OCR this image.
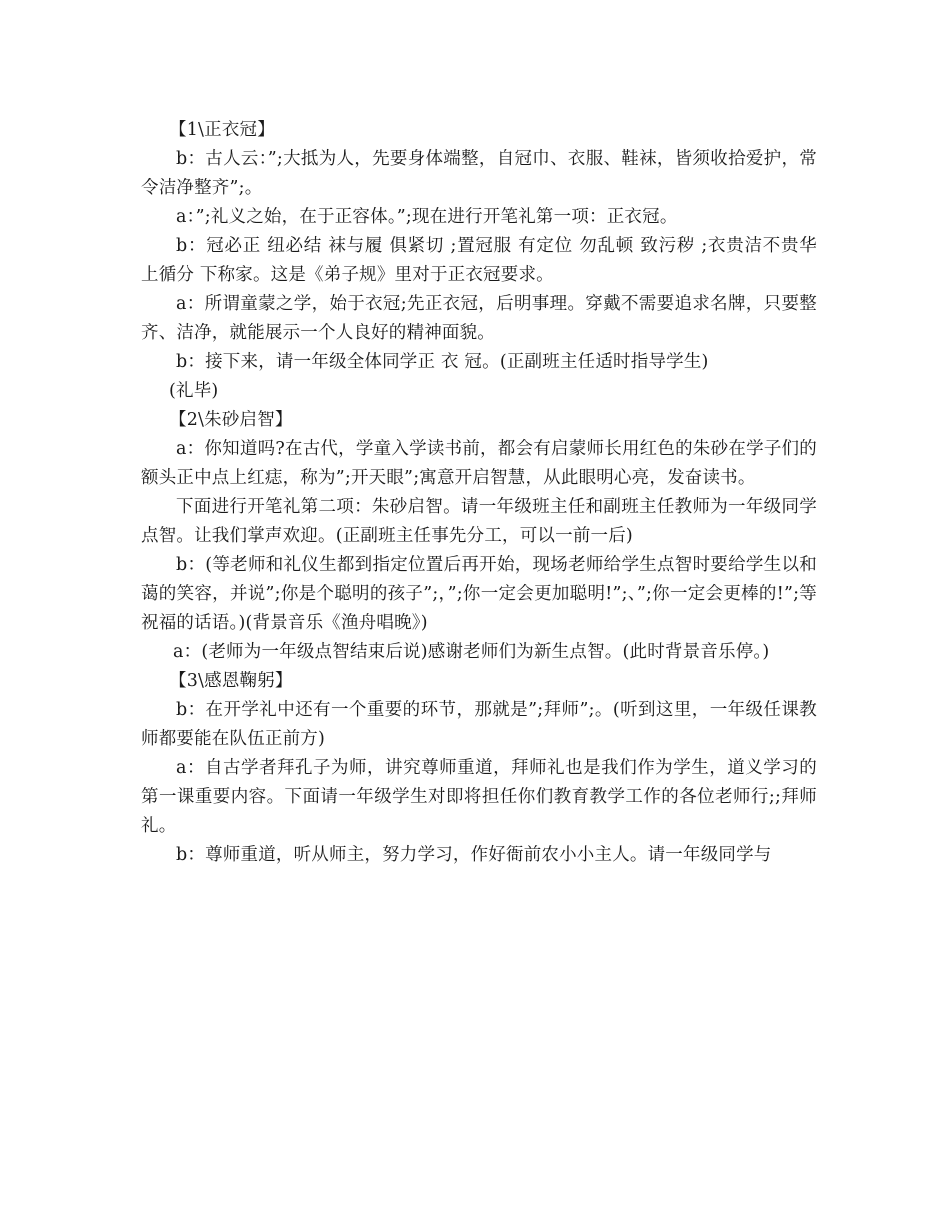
【1\正衣冠】

b：古人云：”;大抵为人，先要身体端整，自冠巾、衣服、鞋袜，皆须收拾爱护，常令洁净整齐”;。

a：”;礼义之始，在于正容体。”;现在进行开笔礼第一项：正衣冠。

b：冠必正 纽必结 袜与履 俱紧切 ;置冠服 有定位 勿乱顿 致污秽 ;衣贵洁不贵华 上循分 下称家。这是《弟子规》里对于正衣冠要求。

a：所谓童蒙之学，始于衣冠;先正衣冠，后明事理。穿戴不需要追求名牌，只要整齐、洁净，就能展示一个人良好的精神面貌。

b：接下来，请一年级全体同学正 衣 冠。(正副班主任适时指导学生)

(礼毕)

【2\朱砂启智】

a：你知道吗?在古代，学童入学读书前，都会有启蒙师长用红色的朱砂在学子们的额头正中点上红痣，称为”;开天眼”;寓意开启智慧，从此眼明心亮，发奋读书。

下面进行开笔礼第二项：朱砂启智。请一年级班主任和副班主任教师为一年级同学点智。让我们掌声欢迎。(正副班主任事先分工，可以一前一后)

b：(等老师和礼仪生都到指定位置后再开始，现场老师给学生点智时要给学生以和蔼的笑容，并说”;你是个聪明的孩子”;，”;你一定会更加聪明!”;、”;你一定会更棒的!”;等祝福的话语。)(背景音乐《渔舟唱晚》)

a：(老师为一年级点智结束后说)感谢老师们为新生点智。(此时背景音乐停。)

【3\感恩鞠躬】

b：在开学礼中还有一个重要的环节，那就是”;拜师”;。(听到这里，一年级任课教师都要能在队伍正前方)

a：自古学者拜孔子为师，讲究尊师重道，拜师礼也是我们作为学生，道义学习的第一课重要内容。下面请一年级学生对即将担任你们教育教学工作的各位老师行;;拜师礼。

b：尊师重道，听从师主，努力学习，作好衙前农小小主人。请一年级同学与
